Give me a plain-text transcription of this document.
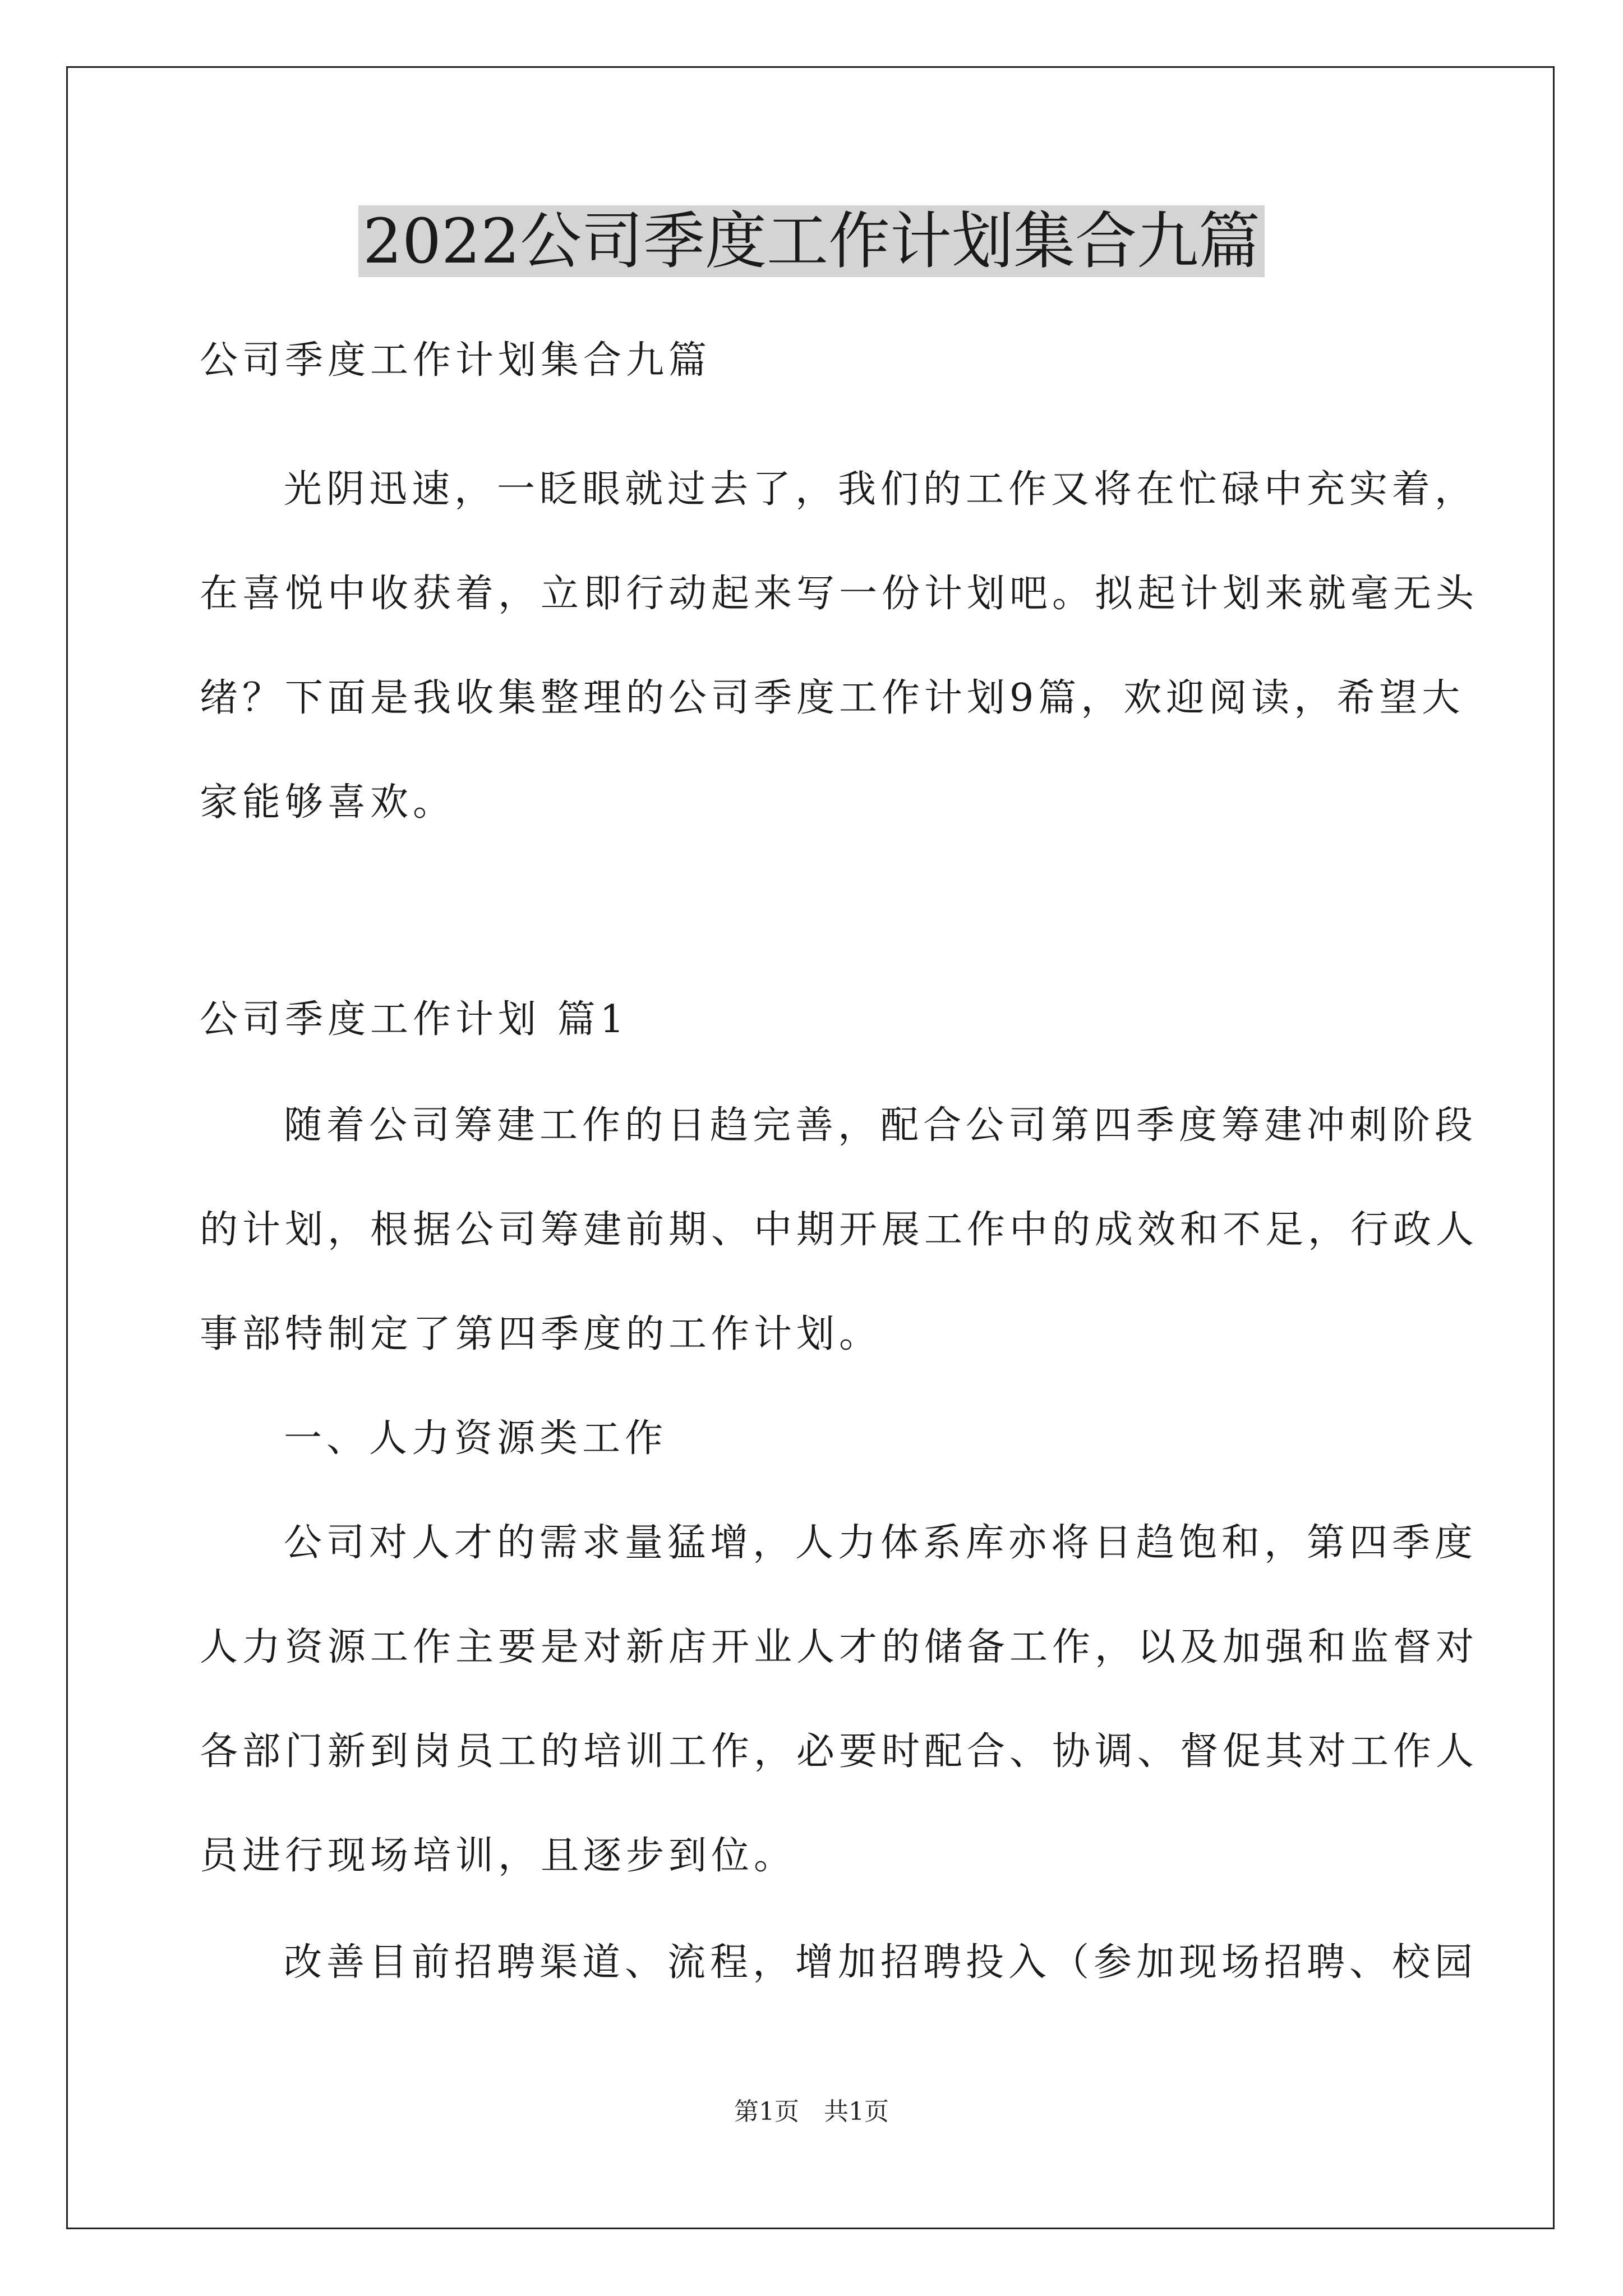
2022公司季度工作计划集合九篇
公司季度工作计划集合九篇
光阴迅速，一眨眼就过去了，我们的工作又将在忙碌中充实着，
在喜悦中收获着，立即行动起来写一份计划吧。拟起计划来就毫无头
绪？下面是我收集整理的公司季度工作计划9篇，欢迎阅读，希望大
家能够喜欢。
公司季度工作计划 篇1
随着公司筹建工作的日趋完善，配合公司第四季度筹建冲刺阶段
的计划，根据公司筹建前期、中期开展工作中的成效和不足，行政人
事部特制定了第四季度的工作计划。
一、人力资源类工作
公司对人才的需求量猛增，人力体系库亦将日趋饱和，第四季度
人力资源工作主要是对新店开业人才的储备工作，以及加强和监督对
各部门新到岗员工的培训工作，必要时配合、协调、督促其对工作人
员进行现场培训，且逐步到位。
改善目前招聘渠道、流程，增加招聘投入（参加现场招聘、校园
第1页　共1页
